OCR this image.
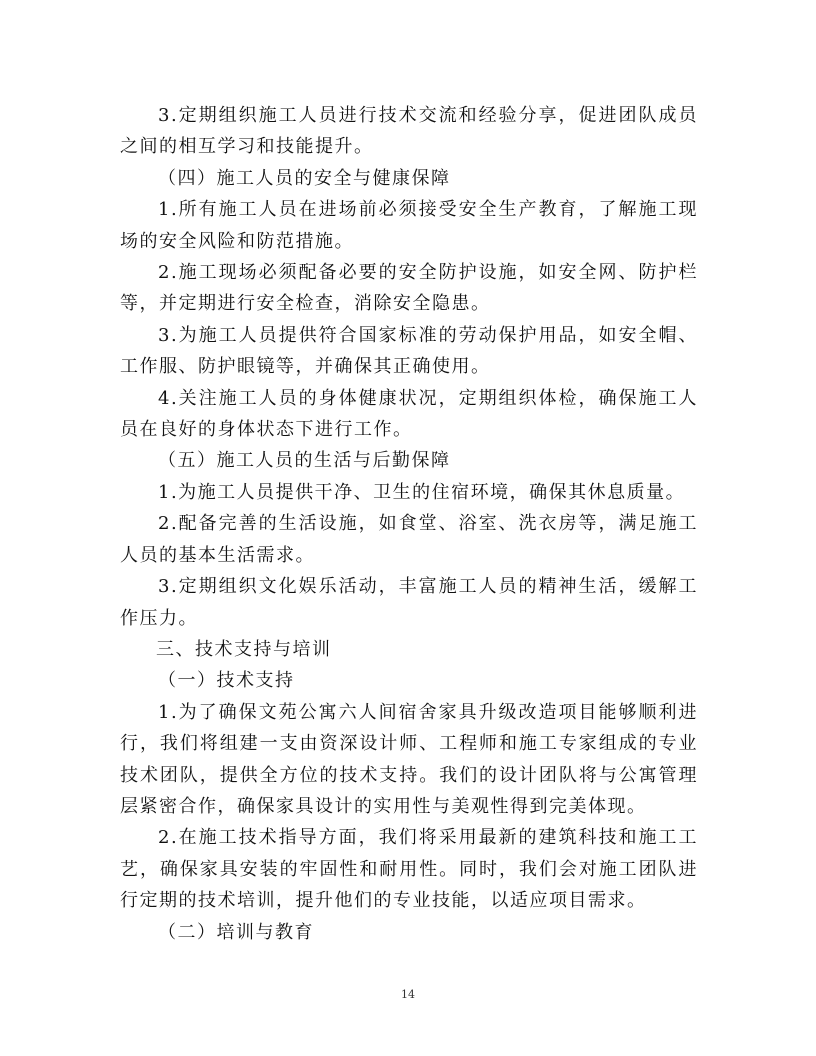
3.定期组织施工人员进行技术交流和经验分享，促进团队成员之间的相互学习和技能提升。

（四）施工人员的安全与健康保障

1.所有施工人员在进场前必须接受安全生产教育，了解施工现场的安全风险和防范措施。

2.施工现场必须配备必要的安全防护设施，如安全网、防护栏等，并定期进行安全检查，消除安全隐患。

3.为施工人员提供符合国家标准的劳动保护用品，如安全帽、工作服、防护眼镜等，并确保其正确使用。

4.关注施工人员的身体健康状况，定期组织体检，确保施工人员在良好的身体状态下进行工作。

（五）施工人员的生活与后勤保障

1.为施工人员提供干净、卫生的住宿环境，确保其休息质量。

2.配备完善的生活设施，如食堂、浴室、洗衣房等，满足施工人员的基本生活需求。

3.定期组织文化娱乐活动，丰富施工人员的精神生活，缓解工作压力。

三、技术支持与培训

（一）技术支持

1.为了确保文苑公寓六人间宿舍家具升级改造项目能够顺利进行，我们将组建一支由资深设计师、工程师和施工专家组成的专业技术团队，提供全方位的技术支持。我们的设计团队将与公寓管理层紧密合作，确保家具设计的实用性与美观性得到完美体现。

2.在施工技术指导方面，我们将采用最新的建筑科技和施工工艺，确保家具安装的牢固性和耐用性。同时，我们会对施工团队进行定期的技术培训，提升他们的专业技能，以适应项目需求。

（二）培训与教育

14
